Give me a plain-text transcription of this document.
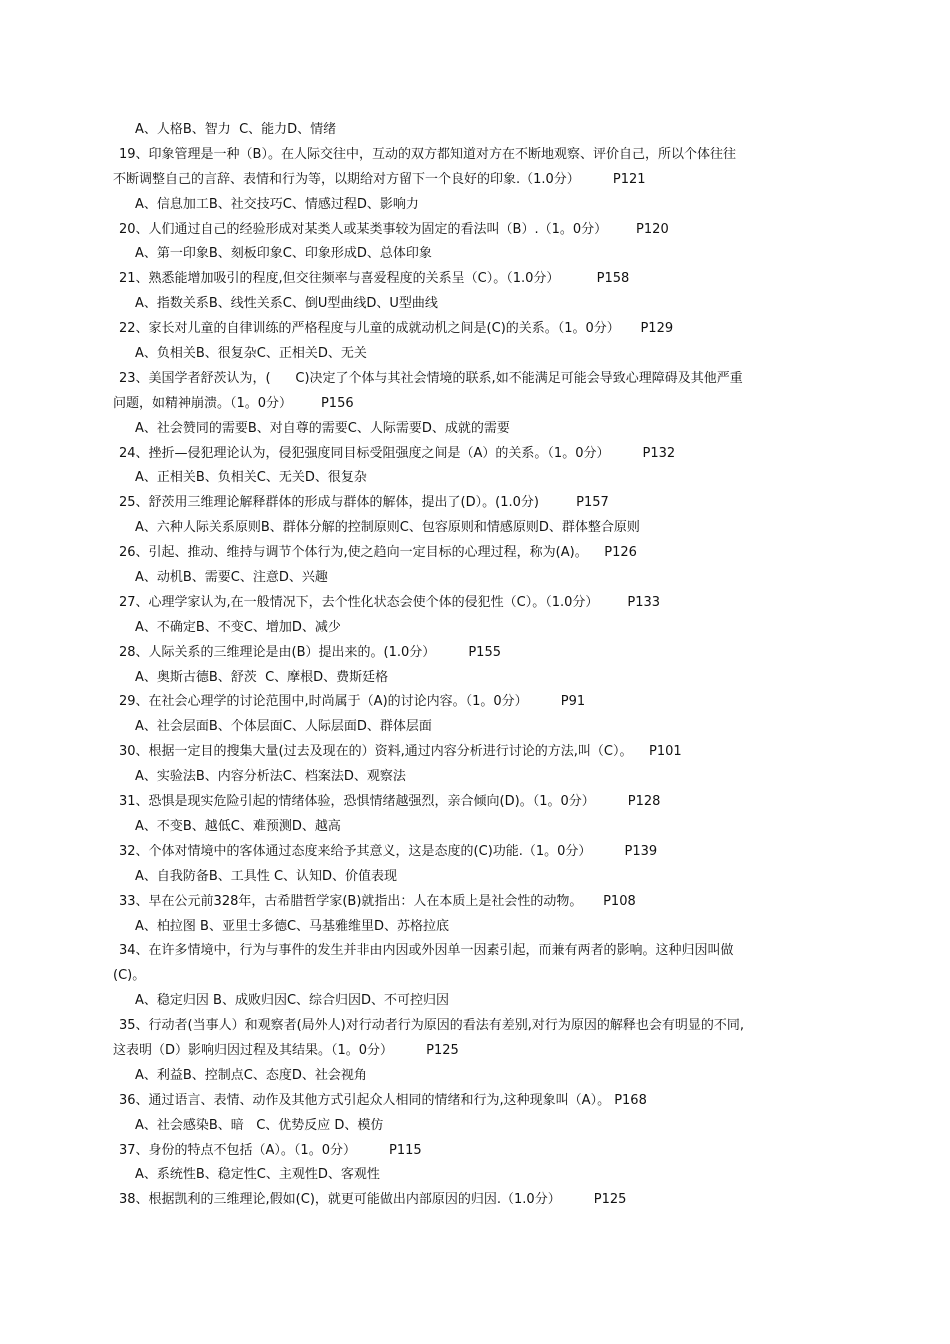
A、人格B、智力  C、能力D、情绪
19、印象管理是一种（B）。在人际交往中，互动的双方都知道对方在不断地观察、评价自己，所以个体往往
不断调整自己的言辞、表情和行为等，以期给对方留下一个良好的印象.（1.0分）        P121
A、信息加工B、社交技巧C、情感过程D、影响力
20、人们通过自己的经验形成对某类人或某类事较为固定的看法叫（B）.（1。0分）       P120
A、第一印象B、刻板印象C、印象形成D、总体印象
21、熟悉能增加吸引的程度,但交往频率与喜爱程度的关系呈（C）。（1.0分）         P158
A、指数关系B、线性关系C、倒U型曲线D、U型曲线
22、家长对儿童的自律训练的严格程度与儿童的成就动机之间是(C)的关系。（1。0分）     P129
A、负相关B、很复杂C、正相关D、无关
23、美国学者舒茨认为，(      C)决定了个体与其社会情境的联系,如不能满足可能会导致心理障碍及其他严重
问题，如精神崩溃。（1。0分）       P156
A、社会赞同的需要B、对自尊的需要C、人际需要D、成就的需要
24、挫折—侵犯理论认为，侵犯强度同目标受阻强度之间是（A）的关系。（1。0分）        P132
A、正相关B、负相关C、无关D、很复杂
25、舒茨用三维理论解释群体的形成与群体的解体，提出了(D）。(1.0分)         P157
A、六种人际关系原则B、群体分解的控制原则C、包容原则和情感原则D、群体整合原则
26、引起、推动、维持与调节个体行为,使之趋向一定目标的心理过程，称为(A)。    P126
A、动机B、需要C、注意D、兴趣
27、心理学家认为,在一般情况下，去个性化状态会使个体的侵犯性（C）。（1.0分）       P133
A、不确定B、不变C、增加D、减少
28、人际关系的三维理论是由(B）提出来的。(1.0分）        P155
A、奥斯古德B、舒茨  C、摩根D、费斯廷格
29、在社会心理学的讨论范围中,时尚属于（A)的讨论内容。（1。0分）        P91
A、社会层面B、个体层面C、人际层面D、群体层面
30、根据一定目的搜集大量(过去及现在的）资料,通过内容分析进行讨论的方法,叫（C）。    P101
A、实验法B、内容分析法C、档案法D、观察法
31、恐惧是现实危险引起的情绪体验，恐惧情绪越强烈，亲合倾向(D)。（1。0分）        P128
A、不变B、越低C、难预测D、越高
32、个体对情境中的客体通过态度来给予其意义，这是态度的(C)功能.（1。0分）        P139
A、自我防备B、工具性 C、认知D、价值表现
33、早在公元前328年，古希腊哲学家(B)就指出：人在本质上是社会性的动物。     P108
A、柏拉图 B、亚里士多德C、马基雅维里D、苏格拉底
34、在许多情境中，行为与事件的发生并非由内因或外因单一因素引起，而兼有两者的影响。这种归因叫做
(C)。
A、稳定归因 B、成败归因C、综合归因D、不可控归因
35、行动者(当事人）和观察者(局外人)对行动者行为原因的看法有差别,对行为原因的解释也会有明显的不同,
这表明（D）影响归因过程及其结果。（1。0分）        P125
A、利益B、控制点C、态度D、社会视角
36、通过语言、表情、动作及其他方式引起众人相同的情绪和行为,这种现象叫（A）。 P168
A、社会感染B、暗   C、优势反应 D、模仿
37、身份的特点不包括（A）。（1。0分）        P115
A、系统性B、稳定性C、主观性D、客观性
38、根据凯利的三维理论,假如(C)，就更可能做出内部原因的归因.（1.0分）        P125
